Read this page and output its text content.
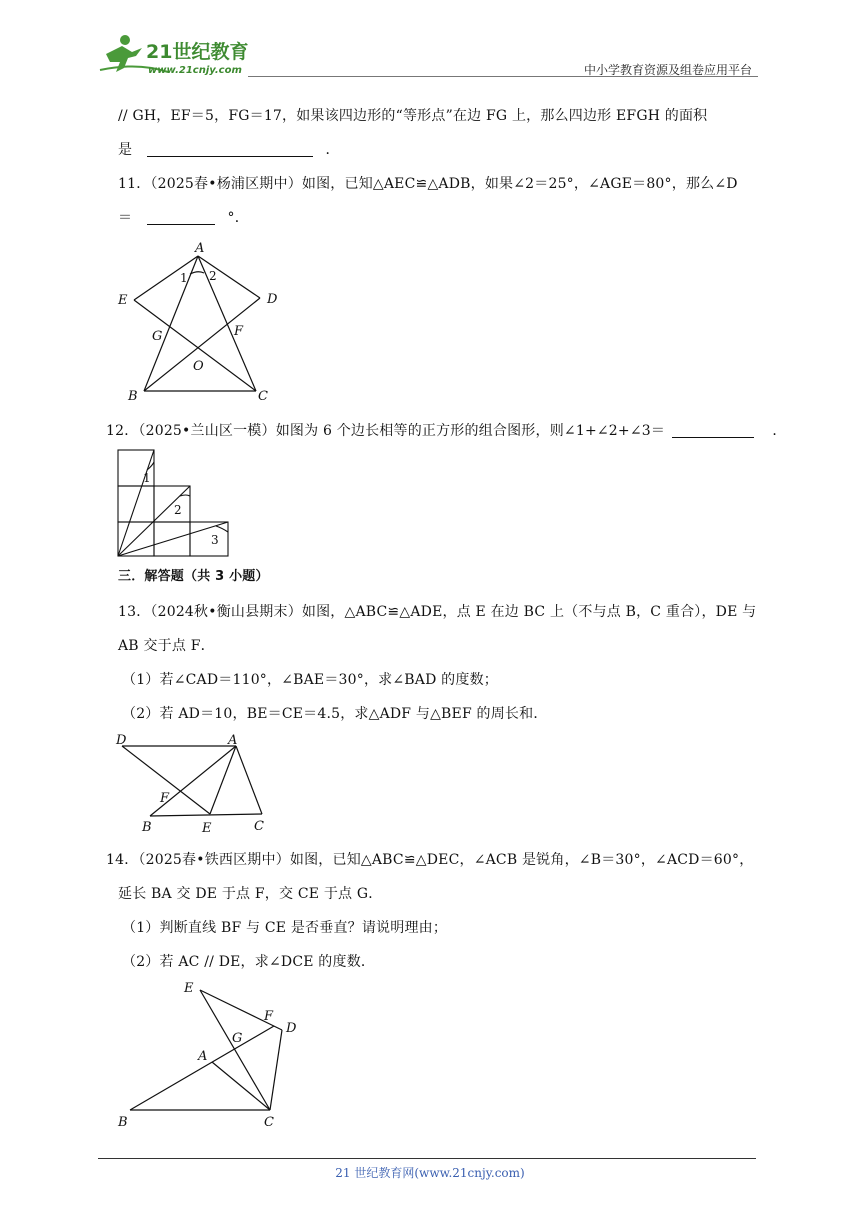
21世纪教育
www.21cnjy.com	中小学教育资源及组卷应用平台
// GH，EF＝5，FG＝17，如果该四边形的“等形点”在边 FG 上，那么四边形 EFGH 的面积
是	．
11．（2025春•杨浦区期中）如图，已知△AEC≌△ADB，如果∠2＝25°，∠AGE＝80°，那么∠D
＝	°．
A
1 2
E	D
G	F
O
B	C
12．（2025•兰山区一模）如图为 6 个边长相等的正方形的组合图形，则∠1+∠2+∠3＝	．
1
2
3
三．解答题（共 3 小题）
13．（2024秋•衡山县期末）如图，△ABC≌△ADE，点 E 在边 BC 上（不与点 B，C 重合），DE 与
AB 交于点 F．
（1）若∠CAD＝110°，∠BAE＝30°，求∠BAD 的度数；
（2）若 AD＝10，BE＝CE＝4.5，求△ADF 与△BEF 的周长和．
D	A
F
B	E	C
14．（2025春•铁西区期中）如图，已知△ABC≌△DEC，∠ACB 是锐角，∠B＝30°，∠ACD＝60°，
延长 BA 交 DE 于点 F，交 CE 于点 G．
（1）判断直线 BF 与 CE 是否垂直？请说明理由；
（2）若 AC // DE，求∠DCE 的度数．
E
F
D
G
A
B	C
21 世纪教育网(www.21cnjy.com)
